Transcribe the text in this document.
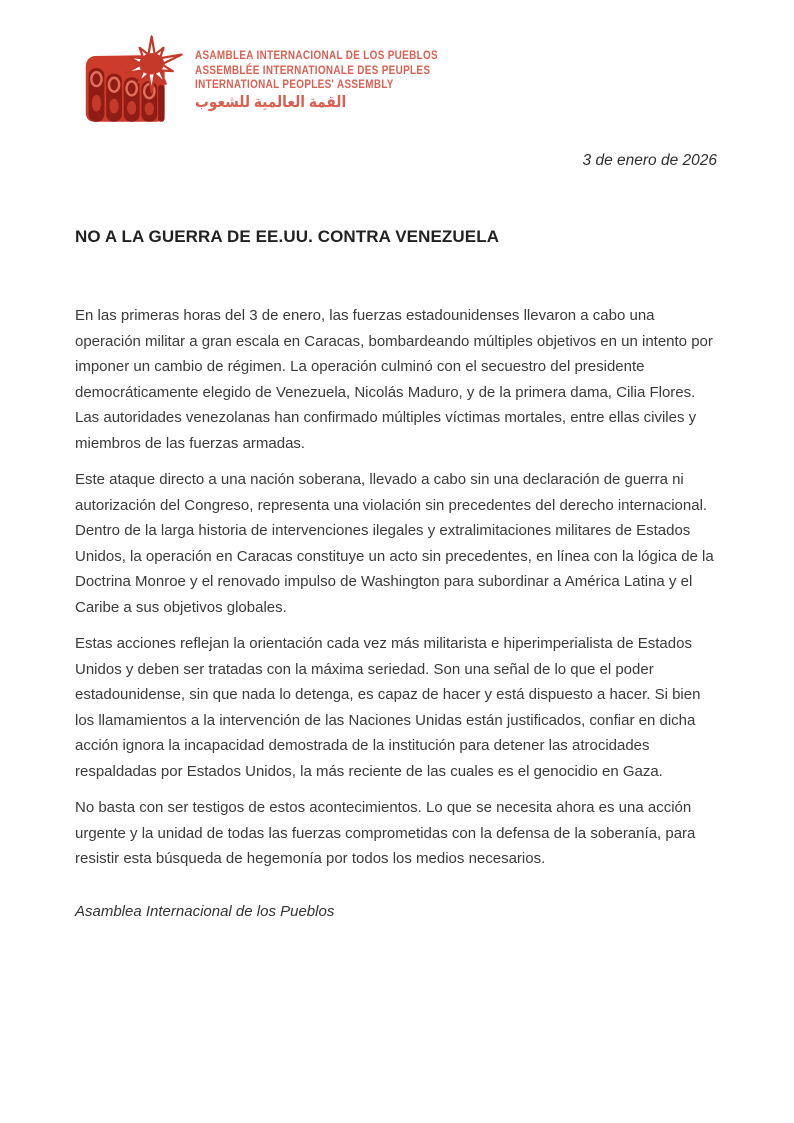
ASAMBLEA INTERNACIONAL DE LOS PUEBLOS
ASSEMBLÉE INTERNATIONALE DES PEUPLES
INTERNATIONAL PEOPLES' ASSEMBLY
القمة العالمية للشعوب
3 de enero de 2026
NO A LA GUERRA DE EE.UU. CONTRA VENEZUELA

En las primeras horas del 3 de enero, las fuerzas estadounidenses llevaron a cabo una operación militar a gran escala en Caracas, bombardeando múltiples objetivos en un intento por imponer un cambio de régimen. La operación culminó con el secuestro del presidente democráticamente elegido de Venezuela, Nicolás Maduro, y de la primera dama, Cilia Flores. Las autoridades venezolanas han confirmado múltiples víctimas mortales, entre ellas civiles y miembros de las fuerzas armadas.

Este ataque directo a una nación soberana, llevado a cabo sin una declaración de guerra ni autorización del Congreso, representa una violación sin precedentes del derecho internacional. Dentro de la larga historia de intervenciones ilegales y extralimitaciones militares de Estados Unidos, la operación en Caracas constituye un acto sin precedentes, en línea con la lógica de la Doctrina Monroe y el renovado impulso de Washington para subordinar a América Latina y el Caribe a sus objetivos globales.

Estas acciones reflejan la orientación cada vez más militarista e hiperimperialista de Estados Unidos y deben ser tratadas con la máxima seriedad. Son una señal de lo que el poder estadounidense, sin que nada lo detenga, es capaz de hacer y está dispuesto a hacer. Si bien los llamamientos a la intervención de las Naciones Unidas están justificados, confiar en dicha acción ignora la incapacidad demostrada de la institución para detener las atrocidades respaldadas por Estados Unidos, la más reciente de las cuales es el genocidio en Gaza.

No basta con ser testigos de estos acontecimientos. Lo que se necesita ahora es una acción urgente y la unidad de todas las fuerzas comprometidas con la defensa de la soberanía, para resistir esta búsqueda de hegemonía por todos los medios necesarios.

Asamblea Internacional de los Pueblos
